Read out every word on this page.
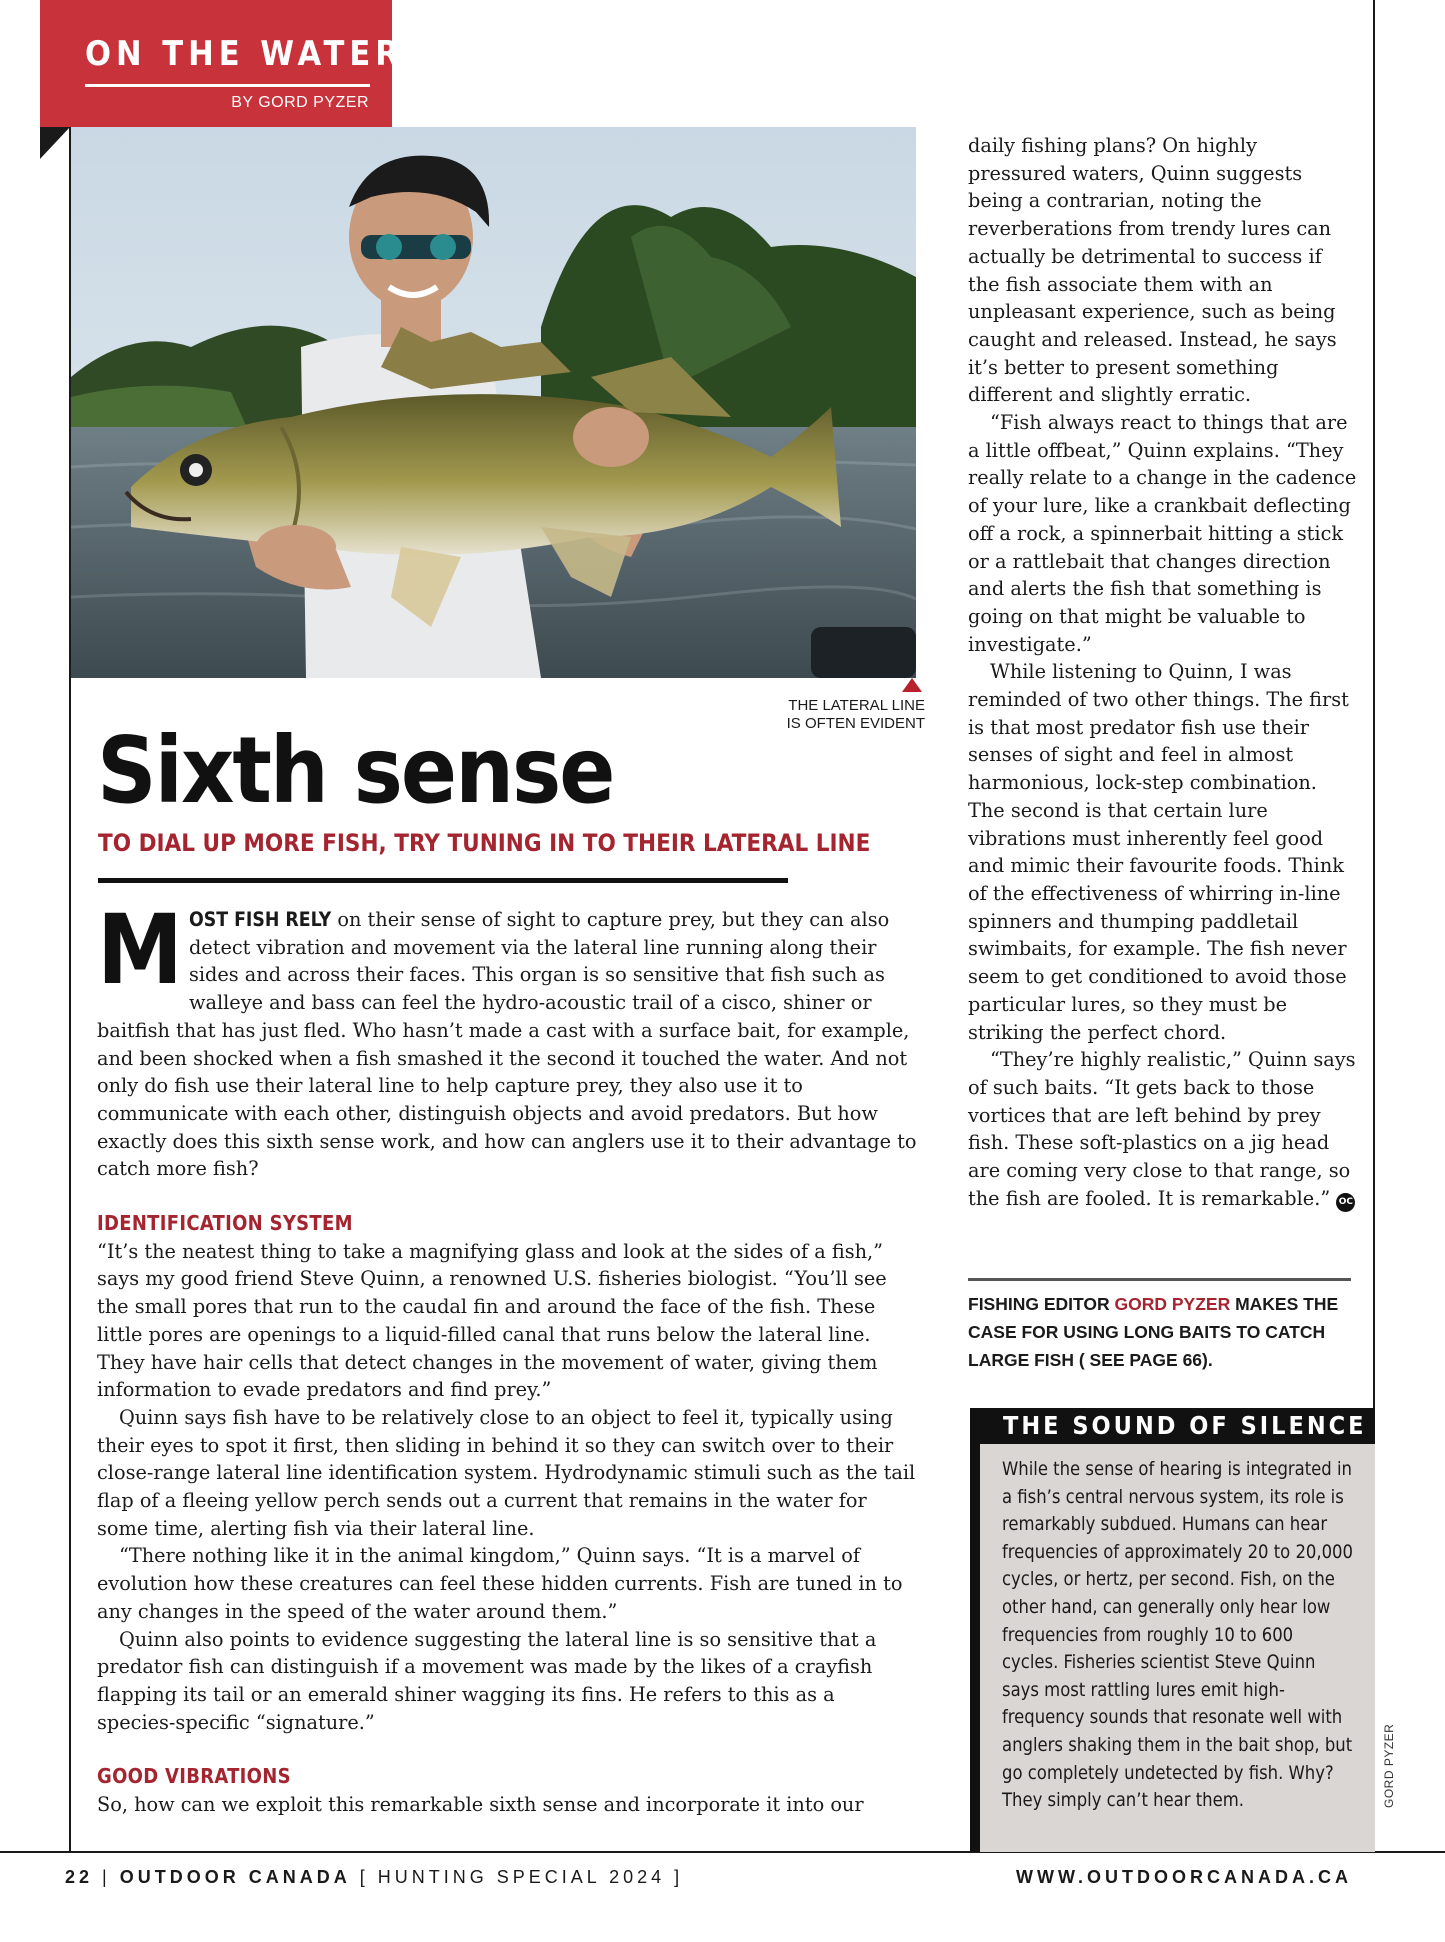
ON THE WATER
BY GORD PYZER
THE LATERAL LINE
IS OFTEN EVIDENT
Sixth sense
TO DIAL UP MORE FISH, TRY TUNING IN TO THEIR LATERAL LINE

MOST FISH RELY on their sense of sight to capture prey, but they can also detect vibration and movement via the lateral line running along their sides and across their faces. This organ is so sensitive that fish such as walleye and bass can feel the hydro-acoustic trail of a cisco, shiner or baitfish that has just fled. Who hasn’t made a cast with a surface bait, for example, and been shocked when a fish smashed it the second it touched the water. And not only do fish use their lateral line to help capture prey, they also use it to communicate with each other, distinguish objects and avoid predators. But how exactly does this sixth sense work, and how can anglers use it to their advantage to catch more fish?

IDENTIFICATION SYSTEM

“It’s the neatest thing to take a magnifying glass and look at the sides of a fish,” says my good friend Steve Quinn, a renowned U.S. fisheries biologist. “You’ll see the small pores that run to the caudal fin and around the face of the fish. These little pores are openings to a liquid-filled canal that runs below the lateral line. They have hair cells that detect changes in the movement of water, giving them information to evade predators and find prey.”

Quinn says fish have to be relatively close to an object to feel it, typically using their eyes to spot it first, then sliding in behind it so they can switch over to their close-range lateral line identification system. Hydrodynamic stimuli such as the tail flap of a fleeing yellow perch sends out a current that remains in the water for some time, alerting fish via their lateral line.

“There nothing like it in the animal kingdom,” Quinn says. “It is a marvel of evolution how these creatures can feel these hidden currents. Fish are tuned in to any changes in the speed of the water around them.”

Quinn also points to evidence suggesting the lateral line is so sensitive that a predator fish can distinguish if a movement was made by the likes of a crayfish flapping its tail or an emerald shiner wagging its fins. He refers to this as a species-specific “signature.”

GOOD VIBRATIONS

So, how can we exploit this remarkable sixth sense and incorporate it into our

daily fishing plans? On highly pressured waters, Quinn suggests being a contrarian, noting the reverberations from trendy lures can actually be detrimental to success if the fish associate them with an unpleasant experience, such as being caught and released. Instead, he says it’s better to present something different and slightly erratic.

“Fish always react to things that are a little offbeat,” Quinn explains. “They really relate to a change in the cadence of your lure, like a crankbait deflecting off a rock, a spinnerbait hitting a stick or a rattlebait that changes direction and alerts the fish that something is going on that might be valuable to investigate.”

While listening to Quinn, I was reminded of two other things. The first is that most predator fish use their senses of sight and feel in almost harmonious, lock-step combination. The second is that certain lure vibrations must inherently feel good and mimic their favourite foods. Think of the effectiveness of whirring in-line spinners and thumping paddletail swimbaits, for example. The fish never seem to get conditioned to avoid those particular lures, so they must be striking the perfect chord.

“They’re highly realistic,” Quinn says of such baits. “It gets back to those vortices that are left behind by prey fish. These soft-plastics on a jig head are coming very close to that range, so the fish are fooled. It is remarkable.” OC

FISHING EDITOR GORD PYZER MAKES THE CASE FOR USING LONG BAITS TO CATCH LARGE FISH ( SEE PAGE 66).
THE SOUND OF SILENCE

While the sense of hearing is integrated in a fish’s central nervous system, its role is remarkably subdued. Humans can hear frequencies of approximately 20 to 20,000 cycles, or hertz, per second. Fish, on the other hand, can generally only hear low frequencies from roughly 10 to 600 cycles. Fisheries scientist Steve Quinn says most rattling lures emit high-frequency sounds that resonate well with anglers shaking them in the bait shop, but go completely undetected by fish. Why? They simply can’t hear them.	GORD PYZER
22 | OUTDOOR CANADA [ HUNTING SPECIAL 2024 ]	WWW.OUTDOORCANADA.CA
